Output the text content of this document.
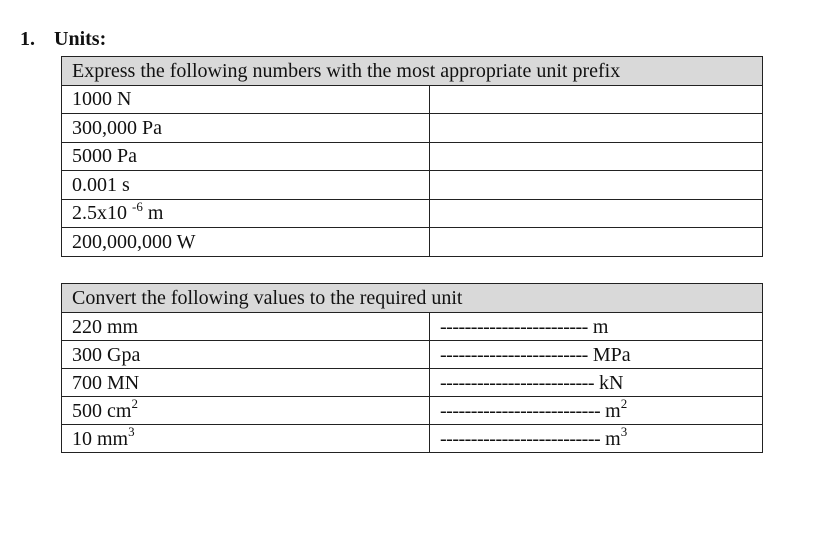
1. Units:
Express the following numbers with the most appropriate unit prefix	
1000 N	
300,000 Pa	
5000 Pa	
0.001 s	
2.5x10 $^{-6}$ m	
200,000,000 W	
Convert the following values to the required unit	
220 mm	------------------------ m
300 Gpa	------------------------ MPa
700 MN	------------------------- kN
500 $cm^2$	-------------------------- $m^2$
10 $mm^3$	-------------------------- $m^3$
